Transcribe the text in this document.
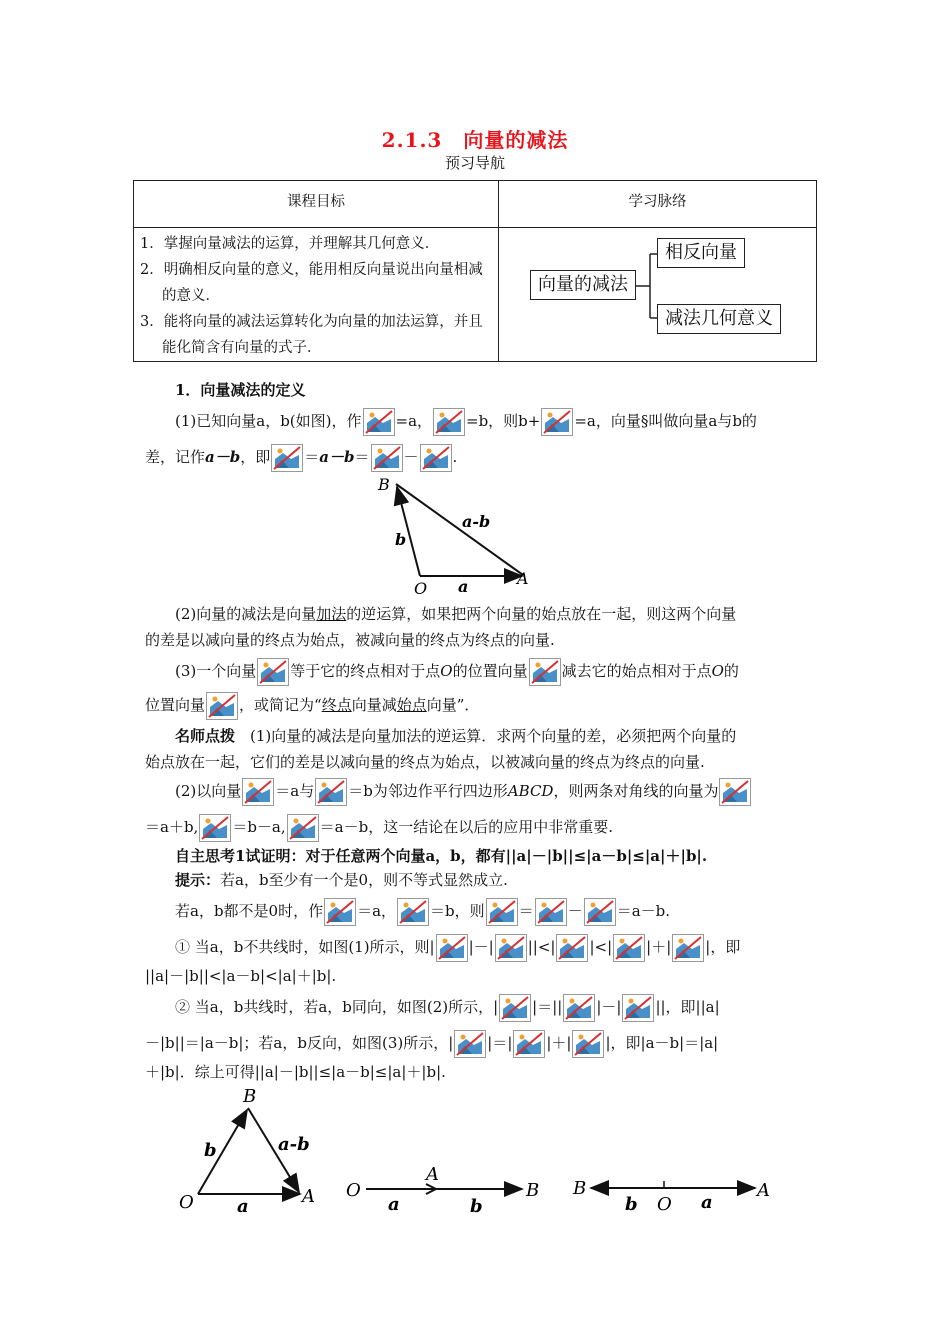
2.1.3　向量的减法
预习导航
课程目标	学习脉络

1．掌握向量减法的运算，并理解其几何意义．
2．明确相反向量的意义，能用相反向量说出向量相减的意义．
3．能将向量的减法运算转化为向量的加法运算，并且能化简含有向量的式子．	

向量的减法
相反向量
减法几何意义
1．向量减法的定义
(1)已知向量a，b(如图)，作 =a， =b，则b+ =a，向量§叫做向量a与b的
差，记作a－b，即 ＝a－b＝ － .
B
O
A
a
b
a-b
(2)向量的减法是向量加法的逆运算，如果把两个向量的始点放在一起，则这两个向量
的差是以减向量的终点为始点，被减向量的终点为终点的向量.
(3)一个向量 等于它的终点相对于点O的位置向量 减去它的始点相对于点O的
位置向量 ，或简记为“终点向量减始点向量”．
名师点拨　 (1)向量的减法是向量加法的逆运算．求两个向量的差，必须把两个向量的
始点放在一起，它们的差是以减向量的终点为始点，以被减向量的终点为终点的向量.
(2)以向量 ＝a与 ＝b为邻边作平行四边形ABCD，则两条对角线的向量为
＝a＋b, ＝b－a, ＝a－b，这一结论在以后的应用中非常重要.
自主思考1试证明：对于任意两个向量a，b，都有||a|－|b||≤|a－b|≤|a|＋|b|.
提示：若a，b至少有一个是0，则不等式显然成立.
若a，b都不是0时，作 ＝a， ＝b，则 ＝ － ＝a－b.
① 当a，b不共线时，如图(1)所示，则| |－| ||<| |<| |＋| |，即
||a|－|b||<|a－b|<|a|＋|b|.
② 当a，b共线时，若a，b同向，如图(2)所示，| |＝|| |－| ||，即||a|
－|b||＝|a－b|；若a，b反向，如图(3)所示，| |＝| |＋| |，即|a－b|＝|a|
＋|b|．综上可得||a|－|b||≤|a－b|≤|a|＋|b|.
B
O	A
a
b	a-b
O
A
B
a	b
B
O
A
b	a
